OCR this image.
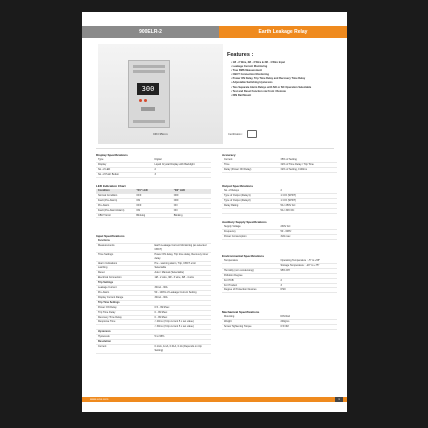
900ELR-2	Earth Leakage Relay
300
DIN 35mm
Features :
• 1Ø - 2 Wire, 3Ø - 3 Wire & 3Ø - 4 Wire Input
• Leakage Current Monitoring
• True RMS Measurement
• CBCT Connection Monitoring
• Power ON Delay, Trip Time Delay and Recovery Time Delay
• Adjustable Switching Hysteresis
• Two Separate Alarm Relays with NO or NC Operation Selectable
• Test and Reset Function via Front / Remote
• DIN Rail Mount
Certification :
Display Specifications
Type	Digital
Display	Liquid Crystal Display with Backlight
No. of LED	2
No. of Push Button	3
LED Indication Chart
Condition	"R1" LED	"R2" LED
Normal Condition	OFF	OFF
Fault (Pre-Alarm)	ON	OFF
Pre-Alarm	OFF	ON
Fault (Pre-Alarm/Alarm)	ON	ON
CBCT Error	Blinking	Blinking
Input Specifications
Functions
Measurements	Earth Leakage Current Monitoring (as selected CBCT)
Time Settings	Power ON delay, Trip time delay, Recovery timer delay
Alarm Indications	Pre - warning alarm, Trip, CBCT error
Latching	Selectable
Reset	Auto / Manual (Selectable)
Electrical Connection	1Ø - 2 wire, 3Ø - 3 wire, 3Ø - 4 wire
Trip Settings
Leakage Current	30mA - 30A
Pre-Alarm	50 - 100% of Leakage Current Setting
Display Current Range	30mA - 30A
Trip Time Settings
Power ON Delay	0.5 - 99.9Sec
Trip Time Delay	0 - 99.9Sec
Recovery Time Delay	0 - 99.9Sec
Response Time	< 40ms (if trip current 5 x set value)
< 30ms (if trip current 5 x set value)
Hysteresis
Hysteresis	5 to 95%
Resolution
Current	0.1mA, 1mA, 0.01A, 0.1A (Depends on trip Setting)
Accuracy
Current	±5% of Setting
Time	±2% of Time Delay / Trip Time
Delay (Power ON Delay)	±2% of Setting, ±100ms
Output Specifications
No. of Relays	2
Type of Output (Relay1)	1 C/O (SPDT)
Type of Output (Relay2)	1 C/O (SPDT)
Relay Rating	5A / 250V AC
5A / 30V DC
Auxiliary Supply Specifications
Supply Voltage	230V AC
Frequency	50 - 60Hz
Power Consumption	3VA max
Environmental Specifications
Temperature	Operating Temperature : -5° to +55°
Storage Temperature : -20° to +75°
Humidity (non condensing)	95% RH
Pollution Degree
For PCB	2
For Product	3
Degree of Protection Devices	IP20
Mechanical Specifications
Mounting	DIN Rail
Weight	200gms
Screw Tightening Torque	0.5 NM
www.xxxx.com	1
